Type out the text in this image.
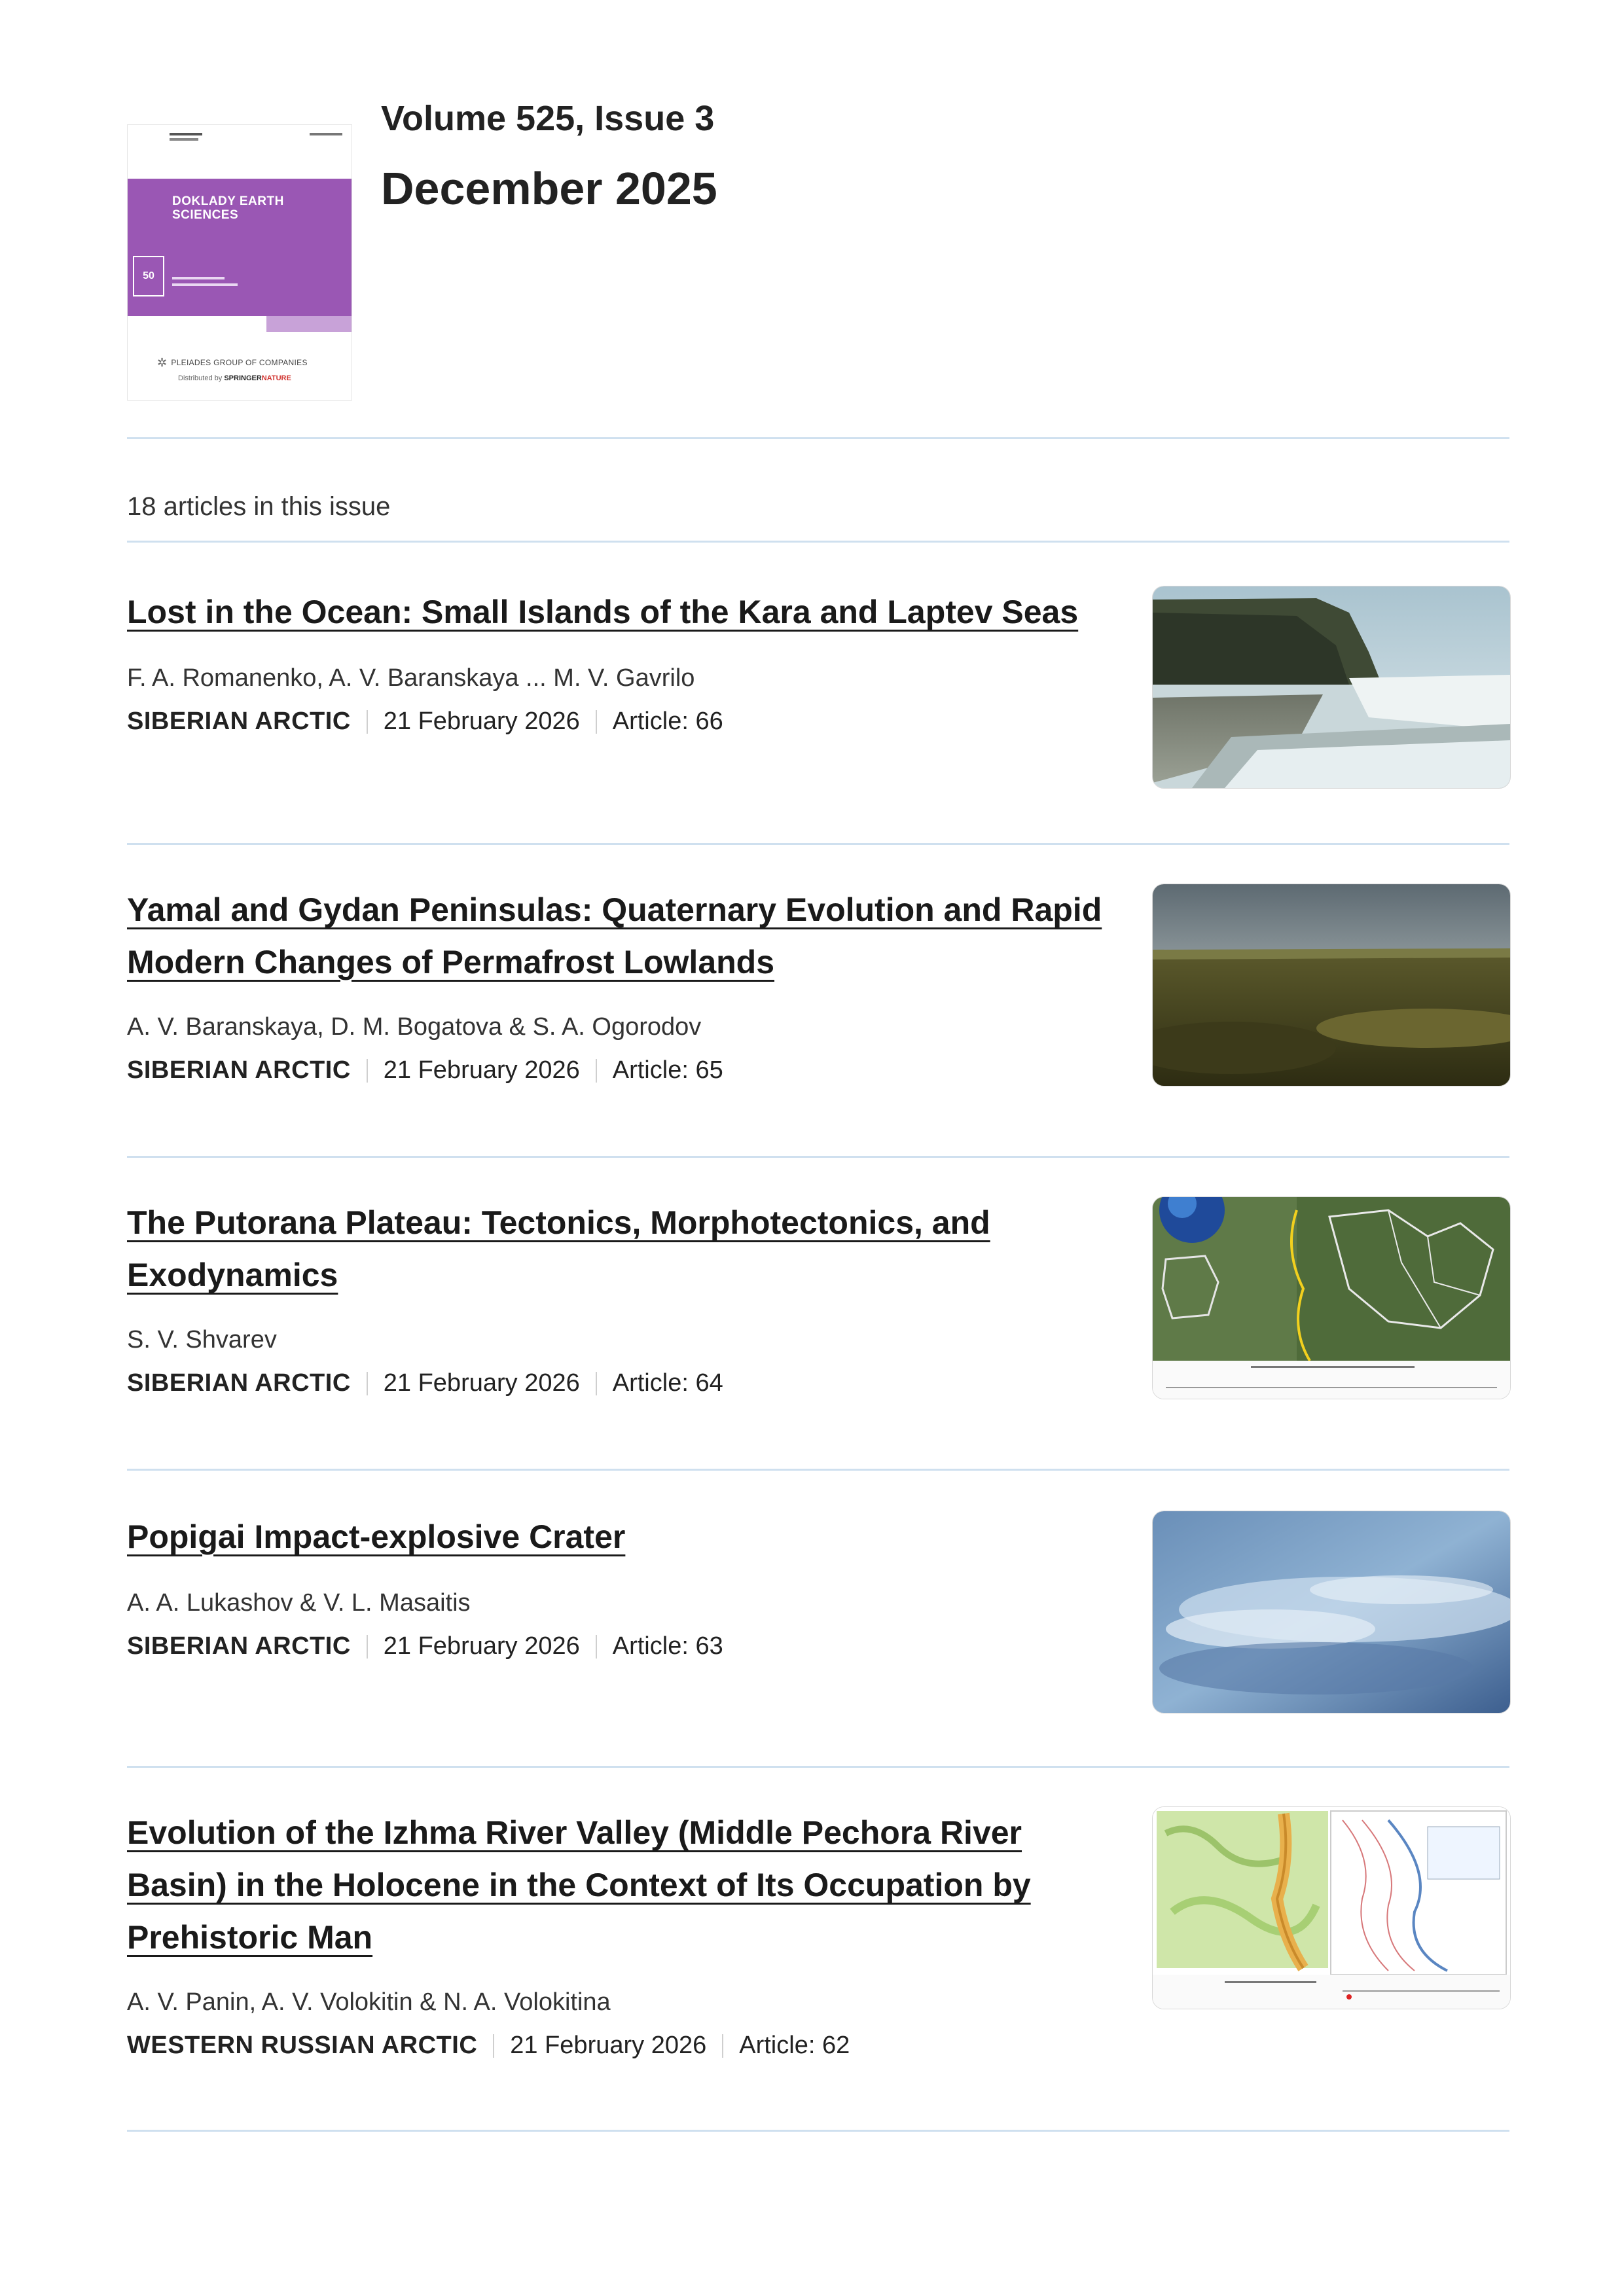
DOKLADY EARTH
SCIENCES
50
✲ PLEIADES GROUP OF COMPANIES
Distributed by SPRINGERNATURE
Volume 525, Issue 3
December 2025
18 articles in this issue
Lost in the Ocean: Small Islands of the Kara and Laptev Seas
F. A. Romanenko, A. V. Baranskaya ... M. V. Gavrilo
SIBERIAN ARCTIC 21 February 2026 Article: 66
Yamal and Gydan Peninsulas: Quaternary Evolution and Rapid Modern Changes of Permafrost Lowlands
A. V. Baranskaya, D. M. Bogatova & S. A. Ogorodov
SIBERIAN ARCTIC 21 February 2026 Article: 65
The Putorana Plateau: Tectonics, Morphotectonics, and Exodynamics
S. V. Shvarev
SIBERIAN ARCTIC 21 February 2026 Article: 64
Popigai Impact-explosive Crater
A. A. Lukashov & V. L. Masaitis
SIBERIAN ARCTIC 21 February 2026 Article: 63
Evolution of the Izhma River Valley (Middle Pechora River Basin) in the Holocene in the Context of Its Occupation by Prehistoric Man
A. V. Panin, A. V. Volokitin & N. A. Volokitina
WESTERN RUSSIAN ARCTIC 21 February 2026 Article: 62
